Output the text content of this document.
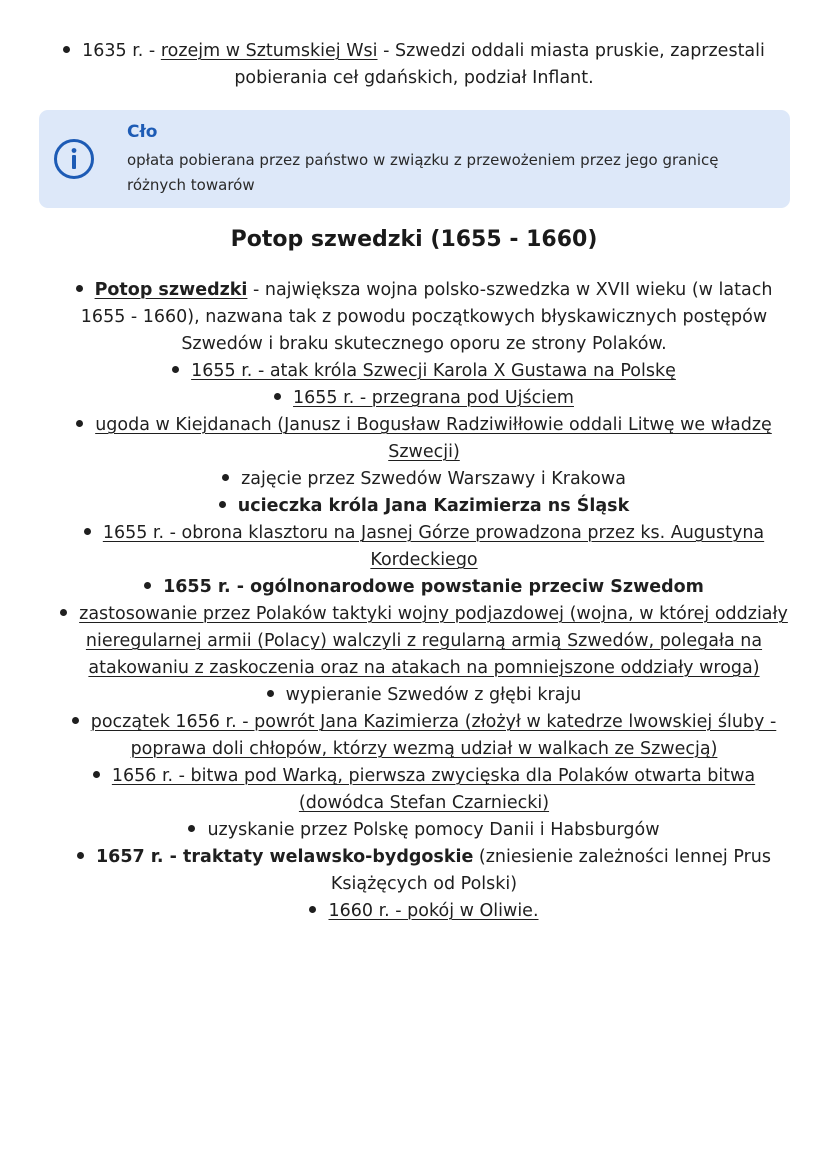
1635 r. - rozejm w Sztumskiej Wsi - Szwedzi oddali miasta pruskie, zaprzestali pobierania ceł gdańskich, podział Inflant.
Cło
opłata pobierana przez państwo w związku z przewożeniem przez jego granicę różnych towarów
Potop szwedzki (1655 - 1660)
Potop szwedzki - największa wojna polsko-szwedzka w XVII wieku (w latach 1655 - 1660), nazwana tak z powodu początkowych błyskawicznych postępów Szwedów i braku skutecznego oporu ze strony Polaków.
1655 r. - atak króla Szwecji Karola X Gustawa na Polskę
1655 r. - przegrana pod Ujściem
ugoda w Kiejdanach (Janusz i Bogusław Radziwiłłowie oddali Litwę we władzę Szwecji)
zajęcie przez Szwedów Warszawy i Krakowa
ucieczka króla Jana Kazimierza ns Śląsk
1655 r. - obrona klasztoru na Jasnej Górze prowadzona przez ks. Augustyna Kordeckiego
1655 r. - ogólnonarodowe powstanie przeciw Szwedom
zastosowanie przez Polaków taktyki wojny podjazdowej (wojna, w której oddziały nieregularnej armii (Polacy) walczyli z regularną armią Szwedów, polegała na atakowaniu z zaskoczenia oraz na atakach na pomniejszone oddziały wroga)
wypieranie Szwedów z głębi kraju
początek 1656 r. - powrót Jana Kazimierza (złożył w katedrze lwowskiej śluby - poprawa doli chłopów, którzy wezmą udział w walkach ze Szwecją)
1656 r. - bitwa pod Warką, pierwsza zwycięska dla Polaków otwarta bitwa (dowódca Stefan Czarniecki)
uzyskanie przez Polskę pomocy Danii i Habsburgów
1657 r. - traktaty welawsko-bydgoskie (zniesienie zależności lennej Prus Książęcych od Polski)
1660 r. - pokój w Oliwie.
